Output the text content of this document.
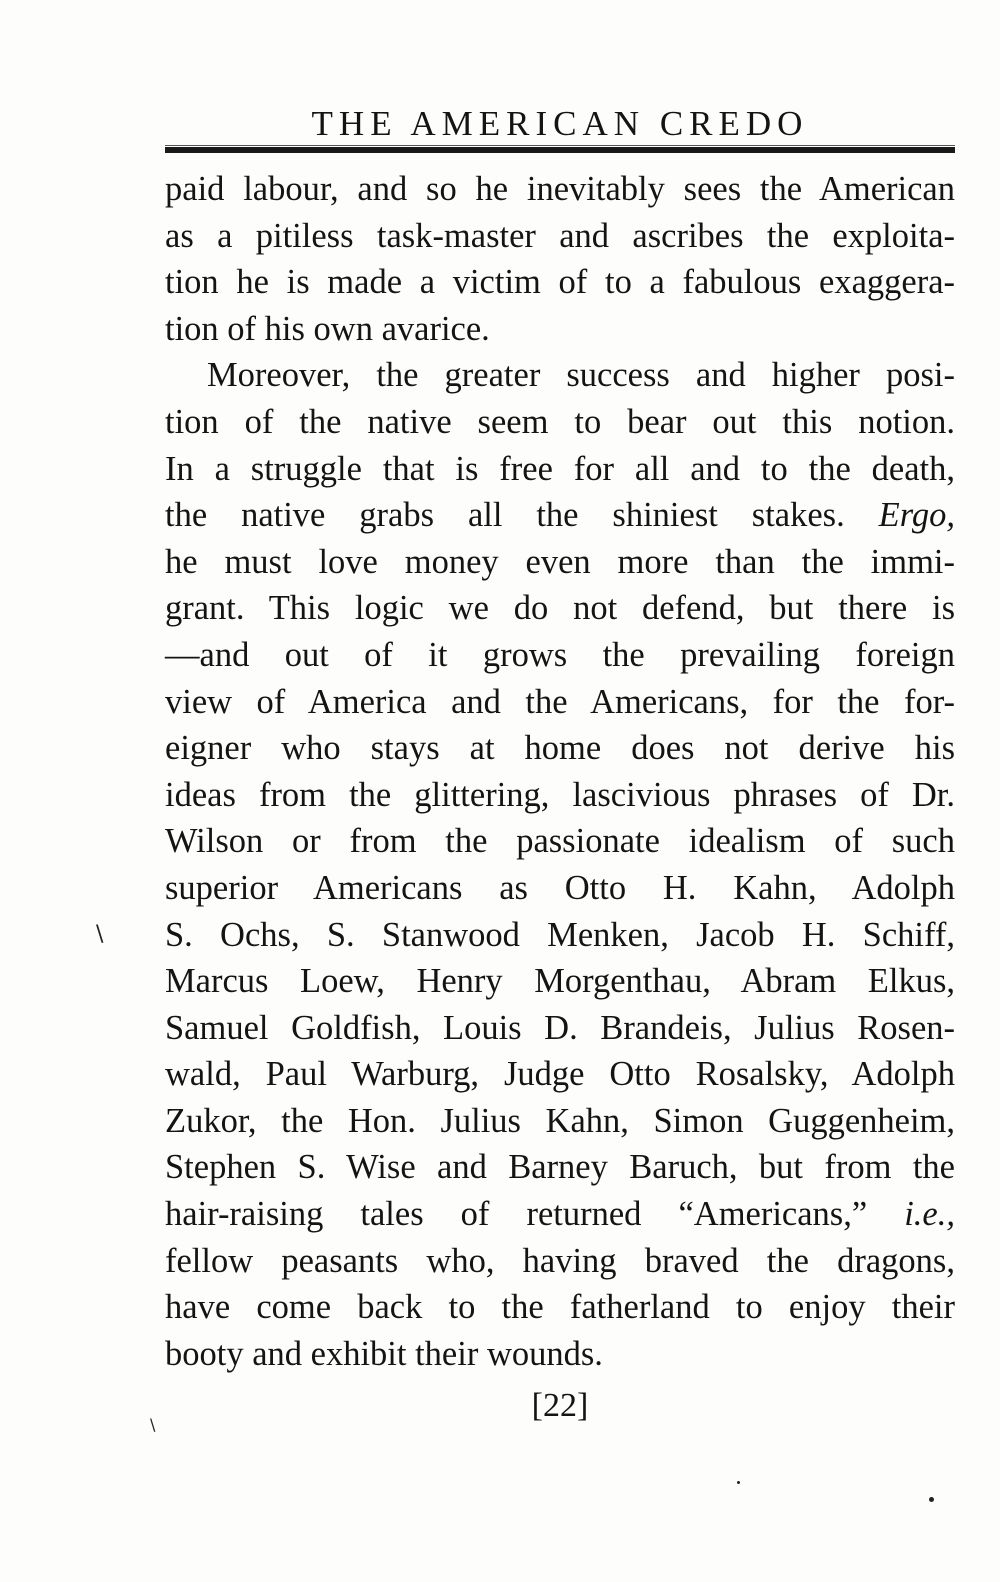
THE AMERICAN CREDO
paid labour, and so he inevitably sees the American
as a pitiless task-master and ascribes the exploita-
tion he is made a victim of to a fabulous exaggera-
tion of his own avarice.
Moreover, the greater success and higher posi-
tion of the native seem to bear out this notion.
In a struggle that is free for all and to the death,
the native grabs all the shiniest stakes. Ergo,
he must love money even more than the immi-
grant. This logic we do not defend, but there is
—and out of it grows the prevailing foreign
view of America and the Americans, for the for-
eigner who stays at home does not derive his
ideas from the glittering, lascivious phrases of Dr.
Wilson or from the passionate idealism of such
superior Americans as Otto H. Kahn, Adolph
S. Ochs, S. Stanwood Menken, Jacob H. Schiff,
Marcus Loew, Henry Morgenthau, Abram Elkus,
Samuel Goldfish, Louis D. Brandeis, Julius Rosen-
wald, Paul Warburg, Judge Otto Rosalsky, Adolph
Zukor, the Hon. Julius Kahn, Simon Guggenheim,
Stephen S. Wise and Barney Baruch, but from the
hair-raising tales of returned “Americans,” i.e.,
fellow peasants who, having braved the dragons,
have come back to the fatherland to enjoy their
booty and exhibit their wounds.
[22]
\
\
